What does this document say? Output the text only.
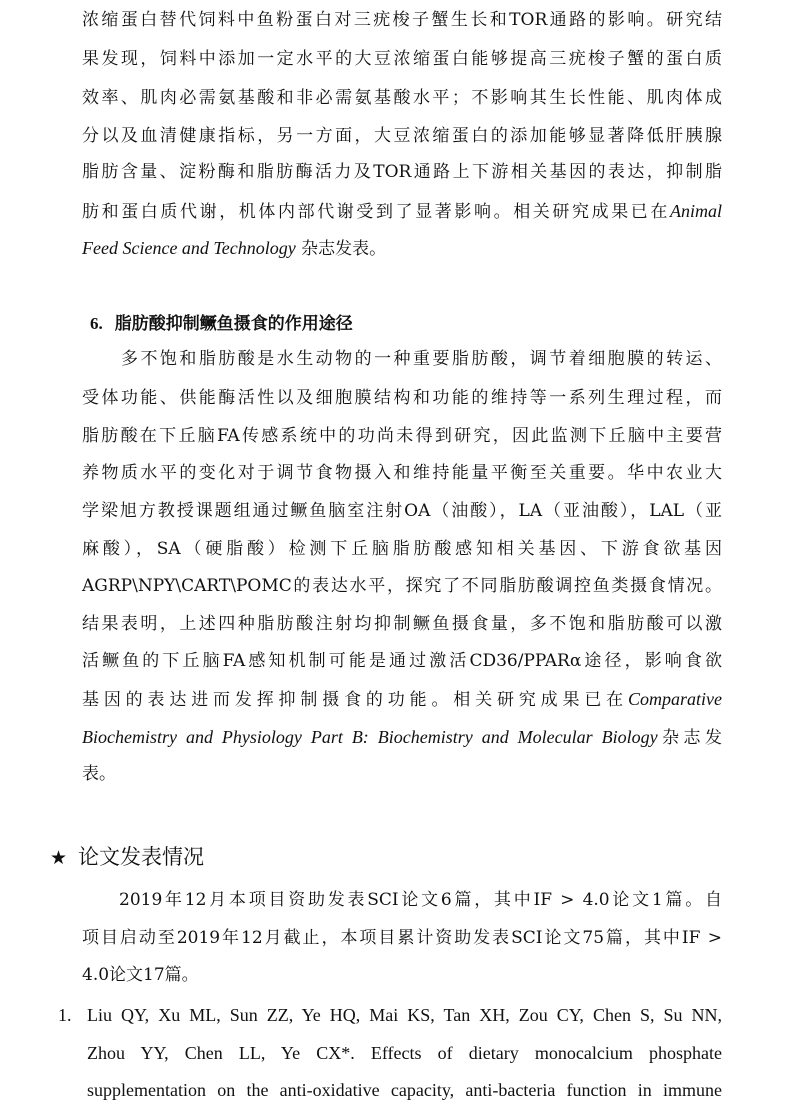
浓缩蛋白替代饲料中鱼粉蛋白对三疣梭子蟹生长和TOR通路的影响。研究结
果发现，饲料中添加一定水平的大豆浓缩蛋白能够提高三疣梭子蟹的蛋白质
效率、肌肉必需氨基酸和非必需氨基酸水平；不影响其生长性能、肌肉体成
分以及血清健康指标，另一方面，大豆浓缩蛋白的添加能够显著降低肝胰腺
脂肪含量、淀粉酶和脂肪酶活力及TOR通路上下游相关基因的表达，抑制脂
肪和蛋白质代谢，机体内部代谢受到了显著影响。相关研究成果已在Animal
Feed Science and Technology 杂志发表。
6. 脂肪酸抑制鳜鱼摄食的作用途径
多不饱和脂肪酸是水生动物的一种重要脂肪酸，调节着细胞膜的转运、
受体功能、供能酶活性以及细胞膜结构和功能的维持等一系列生理过程，而
脂肪酸在下丘脑FA传感系统中的功尚未得到研究，因此监测下丘脑中主要营
养物质水平的变化对于调节食物摄入和维持能量平衡至关重要。华中农业大
学梁旭方教授课题组通过鳜鱼脑室注射OA（油酸），LA（亚油酸），LAL（亚
麻酸），SA（硬脂酸）检测下丘脑脂肪酸感知相关基因、下游食欲基因
AGRP\NPY\CART\POMC的表达水平，探究了不同脂肪酸调控鱼类摄食情况。
结果表明，上述四种脂肪酸注射均抑制鳜鱼摄食量，多不饱和脂肪酸可以激
活鳜鱼的下丘脑FA感知机制可能是通过激活CD36/PPARα途径，影响食欲
基因的表达进而发挥抑制摄食的功能。相关研究成果已在Comparative
Biochemistry and Physiology Part B: Biochemistry and Molecular Biology杂志发
表。
★ 论文发表情况
2019年12月本项目资助发表SCI论文6篇，其中IF > 4.0论文1篇。自
项目启动至2019年12月截止，本项目累计资助发表SCI论文75篇，其中IF >
4.0论文17篇。
1. Liu QY, Xu ML, Sun ZZ, Ye HQ, Mai KS, Tan XH, Zou CY, Chen S, Su NN,
Zhou YY, Chen LL, Ye CX*. Effects of dietary monocalcium phosphate
supplementation on the anti-oxidative capacity, anti-bacteria function in immune
